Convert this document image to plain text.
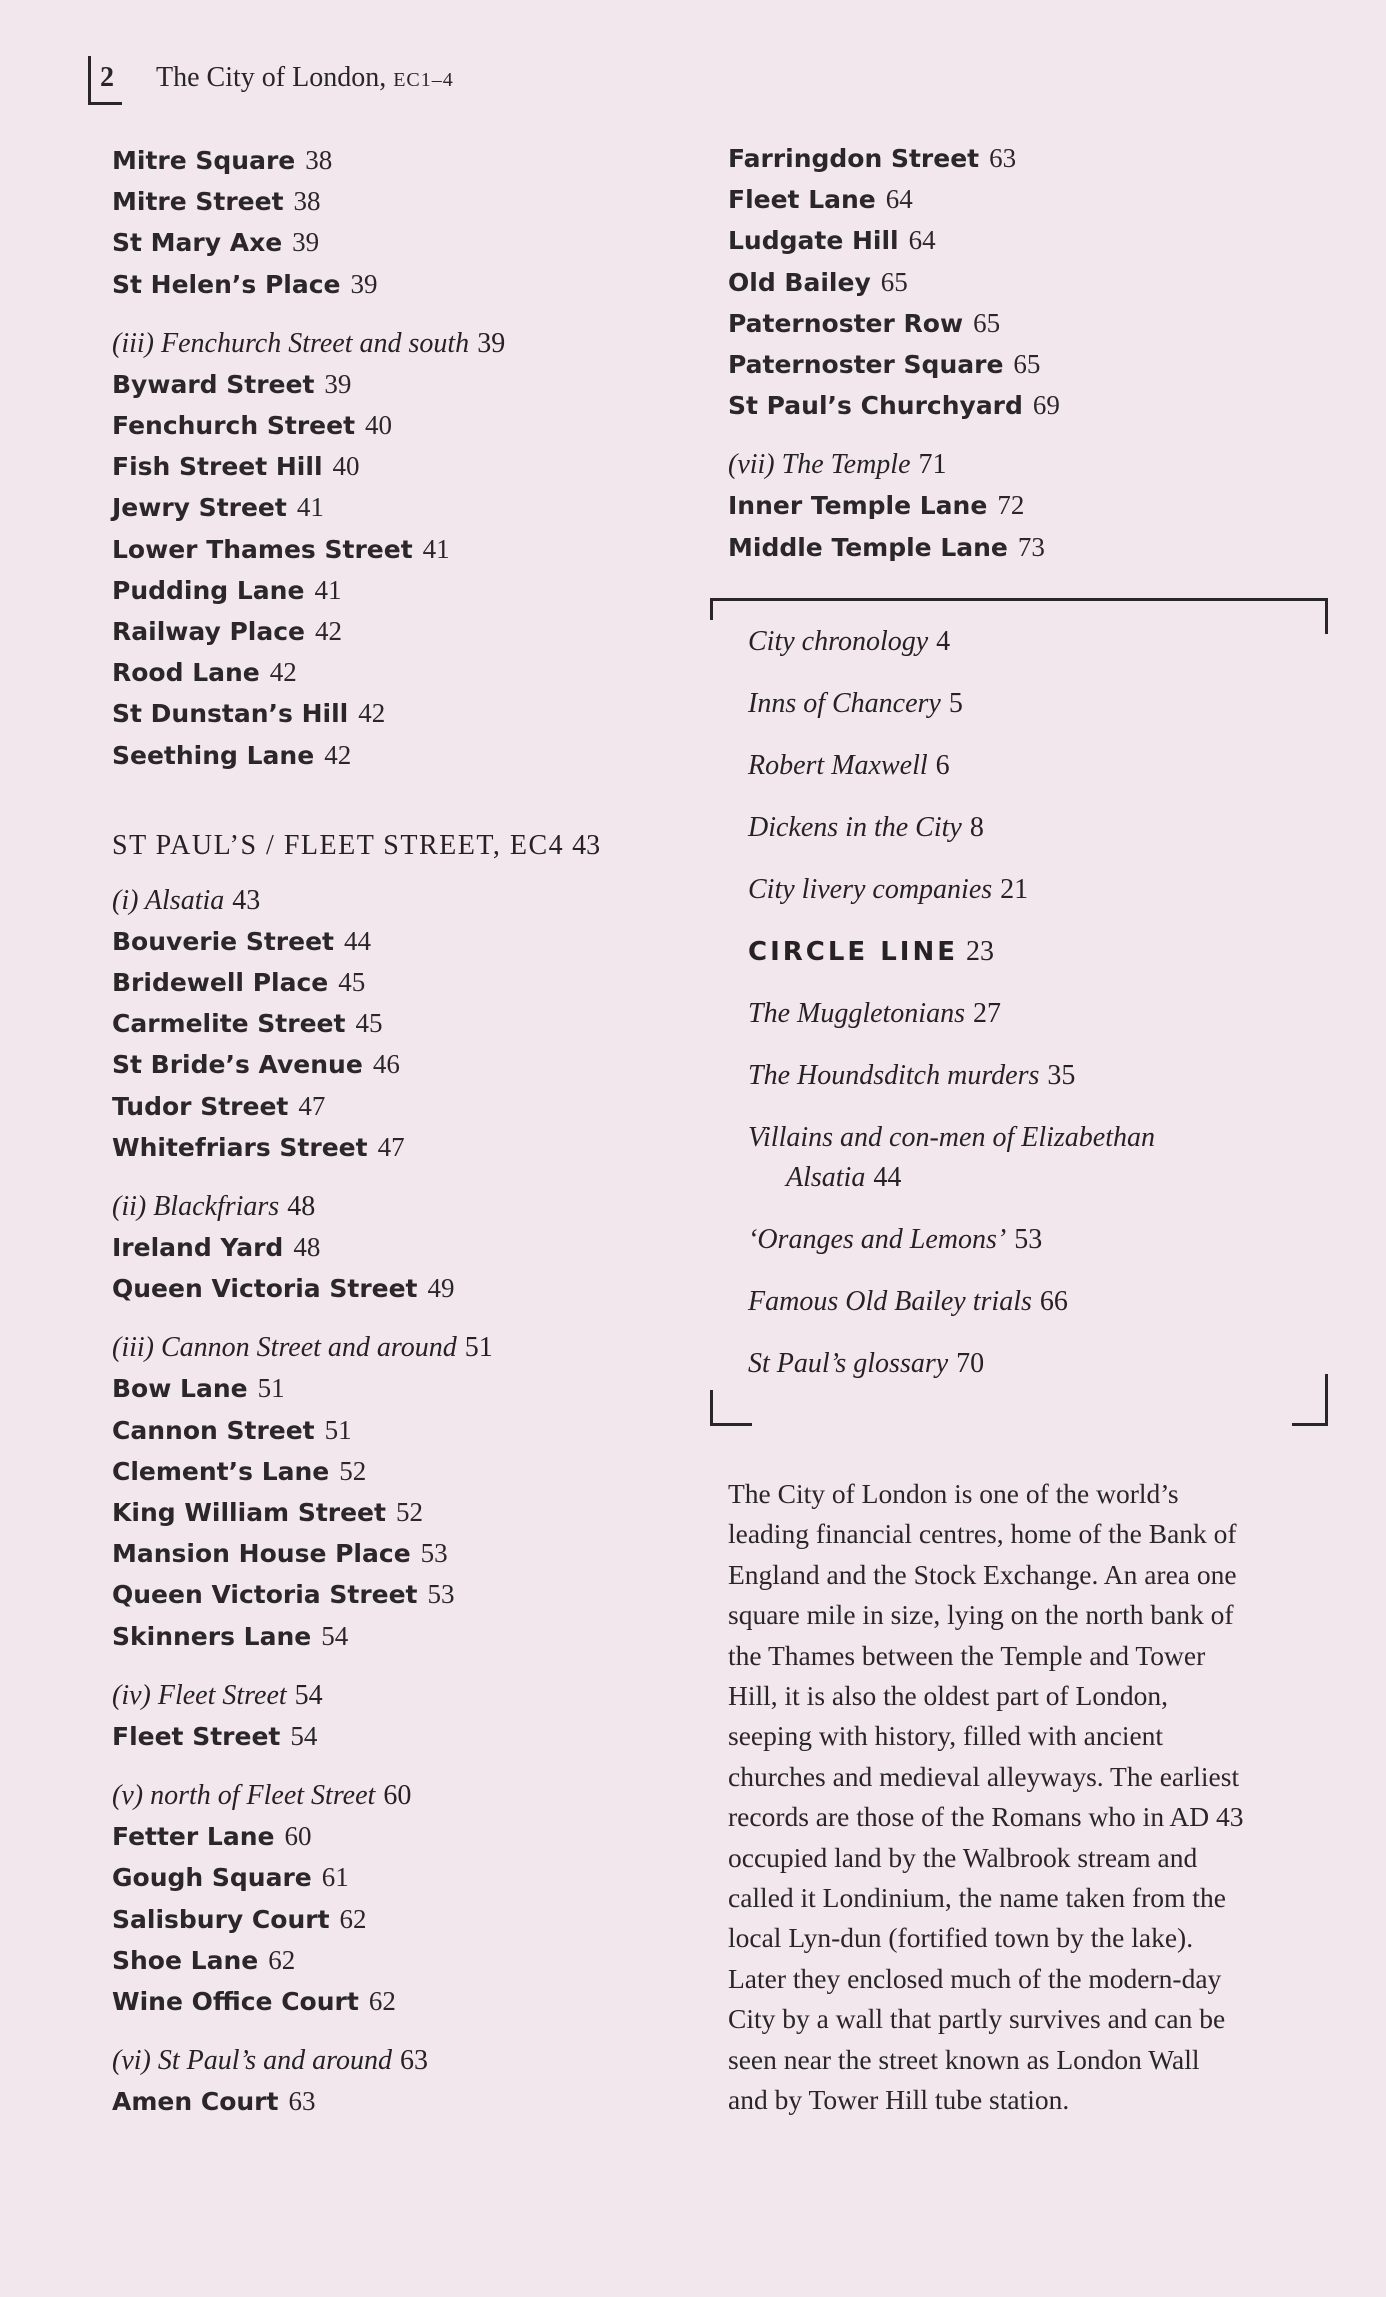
2 The City of London, EC1–4
Mitre Square 38
Mitre Street 38
St Mary Axe 39
St Helen’s Place 39
(iii) Fenchurch Street and south 39
Byward Street 39
Fenchurch Street 40
Fish Street Hill 40
Jewry Street 41
Lower Thames Street 41
Pudding Lane 41
Railway Place 42
Rood Lane 42
St Dunstan’s Hill 42
Seething Lane 42
ST PAUL’S / FLEET STREET, EC4 43
(i) Alsatia 43
Bouverie Street 44
Bridewell Place 45
Carmelite Street 45
St Bride’s Avenue 46
Tudor Street 47
Whitefriars Street 47
(ii) Blackfriars 48
Ireland Yard 48
Queen Victoria Street 49
(iii) Cannon Street and around 51
Bow Lane 51
Cannon Street 51
Clement’s Lane 52
King William Street 52
Mansion House Place 53
Queen Victoria Street 53
Skinners Lane 54
(iv) Fleet Street 54
Fleet Street 54
(v) north of Fleet Street 60
Fetter Lane 60
Gough Square 61
Salisbury Court 62
Shoe Lane 62
Wine Office Court 62
(vi) St Paul’s and around 63
Amen Court 63
Farringdon Street 63
Fleet Lane 64
Ludgate Hill 64
Old Bailey 65
Paternoster Row 65
Paternoster Square 65
St Paul’s Churchyard 69
(vii) The Temple 71
Inner Temple Lane 72
Middle Temple Lane 73
City chronology 4
Inns of Chancery 5
Robert Maxwell 6
Dickens in the City 8
City livery companies 21
CIRCLE LINE 23
The Muggletonians 27
The Houndsditch murders 35
Villains and con-men of Elizabethan
Alsatia 44
‘Oranges and Lemons’ 53
Famous Old Bailey trials 66
St Paul’s glossary 70
The City of London is one of the world’s
leading financial centres, home of the Bank of
England and the Stock Exchange. An area one
square mile in size, lying on the north bank of
the Thames between the Temple and Tower
Hill, it is also the oldest part of London,
seeping with history, filled with ancient
churches and medieval alleyways. The earliest
records are those of the Romans who in AD 43
occupied land by the Walbrook stream and
called it Londinium, the name taken from the
local Lyn-dun (fortified town by the lake).
Later they enclosed much of the modern-day
City by a wall that partly survives and can be
seen near the street known as London Wall
and by Tower Hill tube station.
